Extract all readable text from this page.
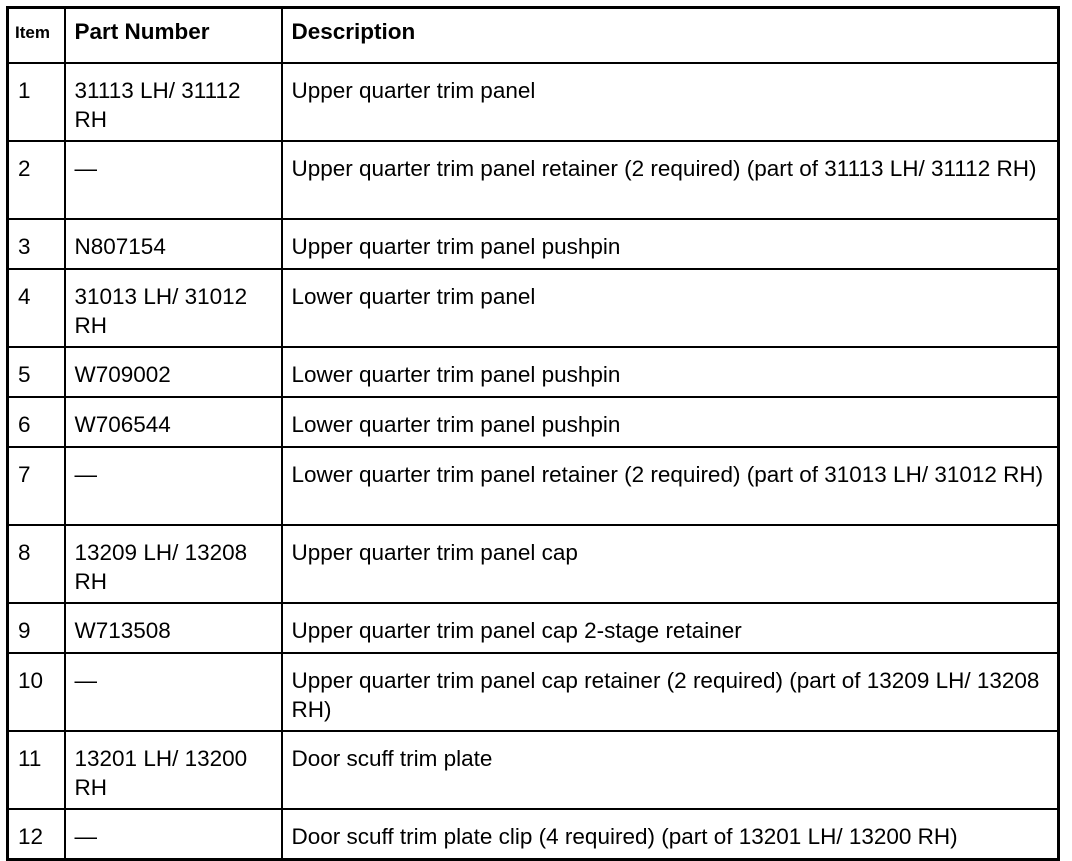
Item	Part Number	Description
1	31113 LH/ 31112 RH	Upper quarter trim panel
2	—	Upper quarter trim panel retainer (2 required) (part of 31113 LH/ 31112 RH)
3	N807154	Upper quarter trim panel pushpin
4	31013 LH/ 31012 RH	Lower quarter trim panel
5	W709002	Lower quarter trim panel pushpin
6	W706544	Lower quarter trim panel pushpin
7	—	Lower quarter trim panel retainer (2 required) (part of 31013 LH/ 31012 RH)
8	13209 LH/ 13208 RH	Upper quarter trim panel cap
9	W713508	Upper quarter trim panel cap 2-stage retainer
10	—	Upper quarter trim panel cap retainer (2 required) (part of 13209 LH/ 13208 RH)
11	13201 LH/ 13200 RH	Door scuff trim plate
12	—	Door scuff trim plate clip (4 required) (part of 13201 LH/ 13200 RH)
